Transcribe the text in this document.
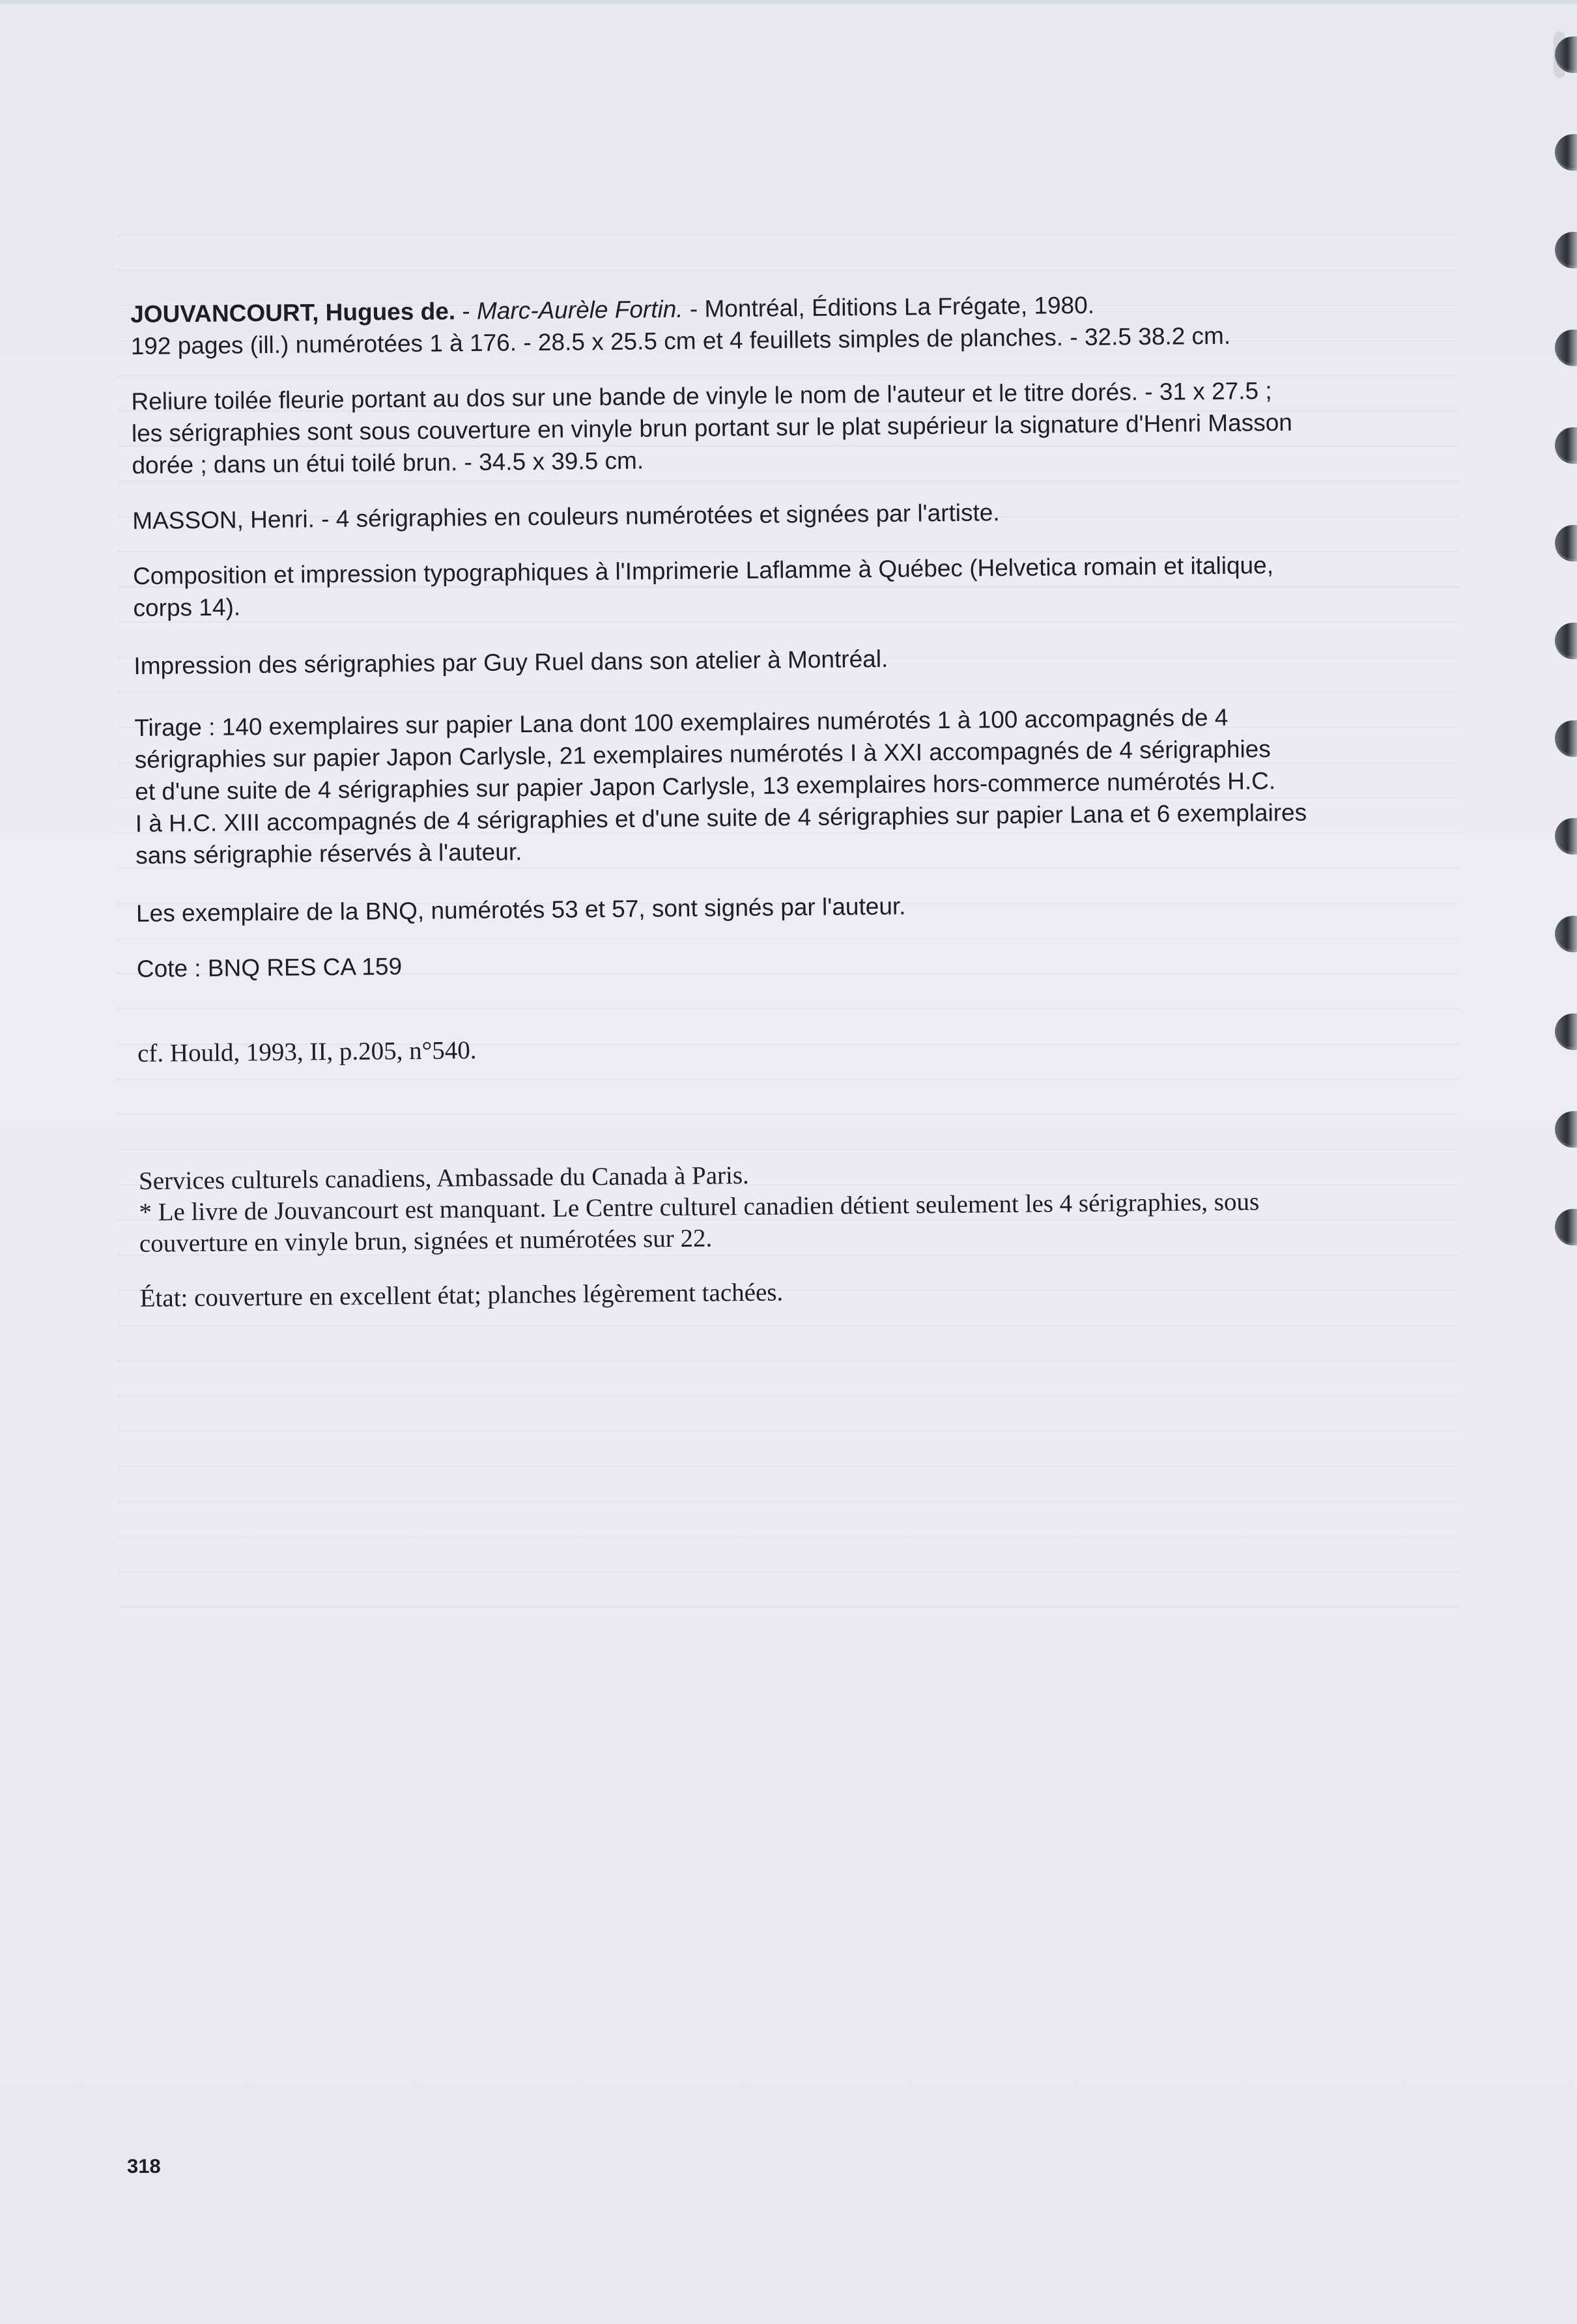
JOUVANCOURT, Hugues de. - Marc-Aurèle Fortin. - Montréal, Éditions La Frégate, 1980.

192 pages (ill.) numérotées 1 à 176. - 28.5 x 25.5 cm et 4 feuillets simples de planches. - 32.5 38.2 cm.

Reliure toilée fleurie portant au dos sur une bande de vinyle le nom de l'auteur et le titre dorés. - 31 x 27.5 ;

les sérigraphies sont sous couverture en vinyle brun portant sur le plat supérieur la signature d'Henri Masson

dorée ; dans un étui toilé brun. - 34.5 x 39.5 cm.

MASSON, Henri. - 4 sérigraphies en couleurs numérotées et signées par l'artiste.

Composition et impression typographiques à l'Imprimerie Laflamme à Québec (Helvetica romain et italique,

corps 14).

Impression des sérigraphies par Guy Ruel dans son atelier à Montréal.

Tirage : 140 exemplaires sur papier Lana dont 100 exemplaires numérotés 1 à 100 accompagnés de 4

sérigraphies sur papier Japon Carlysle, 21 exemplaires numérotés I à XXI accompagnés de 4 sérigraphies

et d'une suite de 4 sérigraphies sur papier Japon Carlysle, 13 exemplaires hors-commerce numérotés H.C.

I à H.C. XIII accompagnés de 4 sérigraphies et d'une suite de 4 sérigraphies sur papier Lana et 6 exemplaires

sans sérigraphie réservés à l'auteur.

Les exemplaire de la BNQ, numérotés 53 et 57, sont signés par l'auteur.

Cote : BNQ RES CA 159

cf. Hould, 1993, II, p.205, n°540.

Services culturels canadiens, Ambassade du Canada à Paris.

* Le livre de Jouvancourt est manquant. Le Centre culturel canadien détient seulement les 4 sérigraphies, sous

couverture en vinyle brun, signées et numérotées sur 22.

État: couverture en excellent état; planches légèrement tachées.

318
